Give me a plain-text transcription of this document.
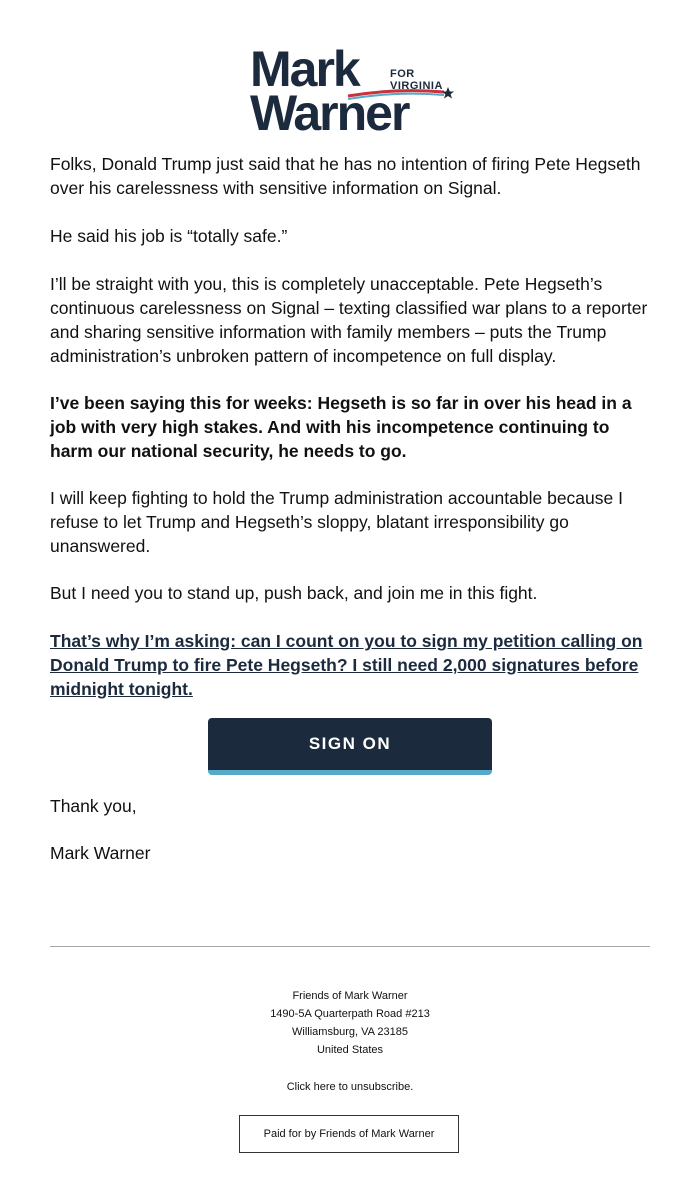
Mark	FOR
VIRGINIA
Warner

Folks, Donald Trump just said that he has no intention of firing Pete Hegseth over his carelessness with sensitive information on Signal.

He said his job is “totally safe.”

I’ll be straight with you, this is completely unacceptable. Pete Hegseth’s continuous carelessness on Signal – texting classified war plans to a reporter and sharing sensitive information with family members – puts the Trump administration’s unbroken pattern of incompetence on full display.

I’ve been saying this for weeks: Hegseth is so far in over his head in a job with very high stakes. And with his incompetence continuing to harm our national security, he needs to go.

I will keep fighting to hold the Trump administration accountable because I refuse to let Trump and Hegseth’s sloppy, blatant irresponsibility go unanswered.

But I need you to stand up, push back, and join me in this fight.

That’s why I’m asking: can I count on you to sign my petition calling on Donald Trump to fire Pete Hegseth? I still need 2,000 signatures before midnight tonight.

SIGN ON

Thank you,

Mark Warner

Friends of Mark Warner
1490-5A Quarterpath Road #213
Williamsburg, VA 23185
United States
Click here to unsubscribe.
Paid for by Friends of Mark Warner
